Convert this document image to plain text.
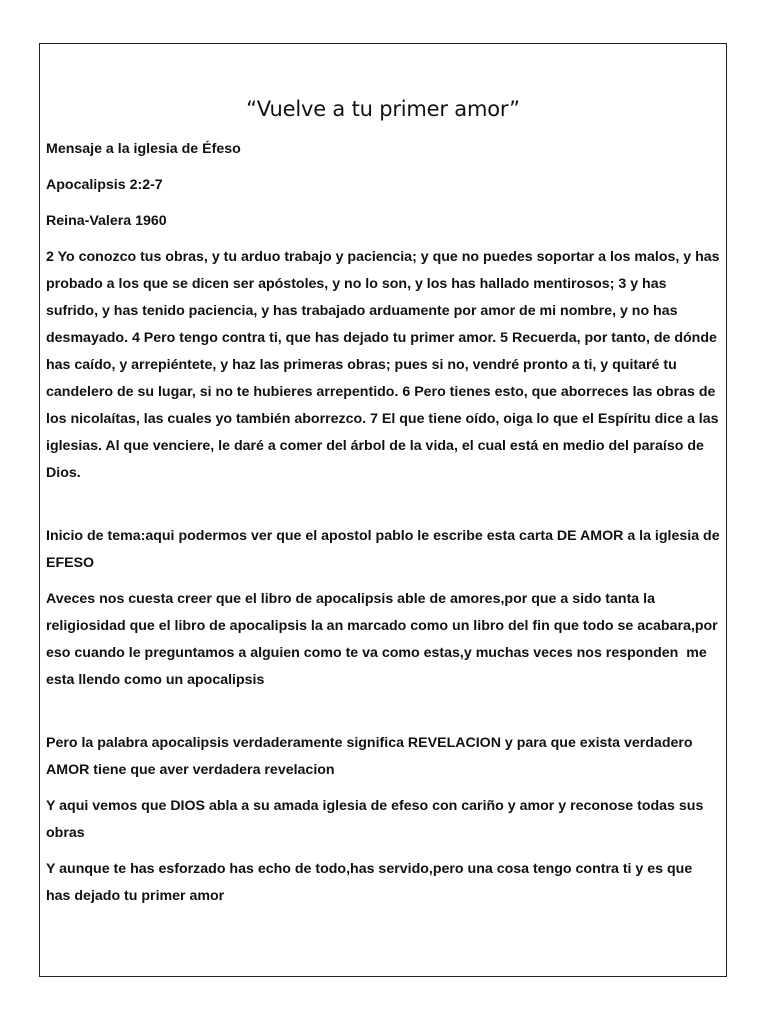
“Vuelve a tu primer amor”

Mensaje a la iglesia de Éfeso

Apocalipsis 2:2-7

Reina-Valera 1960

2 Yo conozco tus obras, y tu arduo trabajo y paciencia; y que no puedes soportar a los malos, y has probado a los que se dicen ser apóstoles, y no lo son, y los has hallado mentirosos; 3 y has sufrido, y has tenido paciencia, y has trabajado arduamente por amor de mi nombre, y no has desmayado. 4 Pero tengo contra ti, que has dejado tu primer amor. 5 Recuerda, por tanto, de dónde has caído, y arrepiéntete, y haz las primeras obras; pues si no, vendré pronto a ti, y quitaré tu candelero de su lugar, si no te hubieres arrepentido. 6 Pero tienes esto, que aborreces las obras de los nicolaítas, las cuales yo también aborrezco. 7 El que tiene oído, oiga lo que el Espíritu dice a las iglesias. Al que venciere, le daré a comer del árbol de la vida, el cual está en medio del paraíso de Dios.

Inicio de tema:aqui podermos ver que el apostol pablo le escribe esta carta DE AMOR a la iglesia de EFESO

Aveces nos cuesta creer que el libro de apocalipsis able de amores,por que a sido tanta la religiosidad que el libro de apocalipsis la an marcado como un libro del fin que todo se acabara,por eso cuando le preguntamos a alguien como te va como estas,y muchas veces nos responden  me esta llendo como un apocalipsis

Pero la palabra apocalipsis verdaderamente significa REVELACION y para que exista verdadero AMOR tiene que aver verdadera revelacion

Y aqui vemos que DIOS abla a su amada iglesia de efeso con cariño y amor y reconose todas sus obras

Y aunque te has esforzado has echo de todo,has servido,pero una cosa tengo contra ti y es que has dejado tu primer amor
